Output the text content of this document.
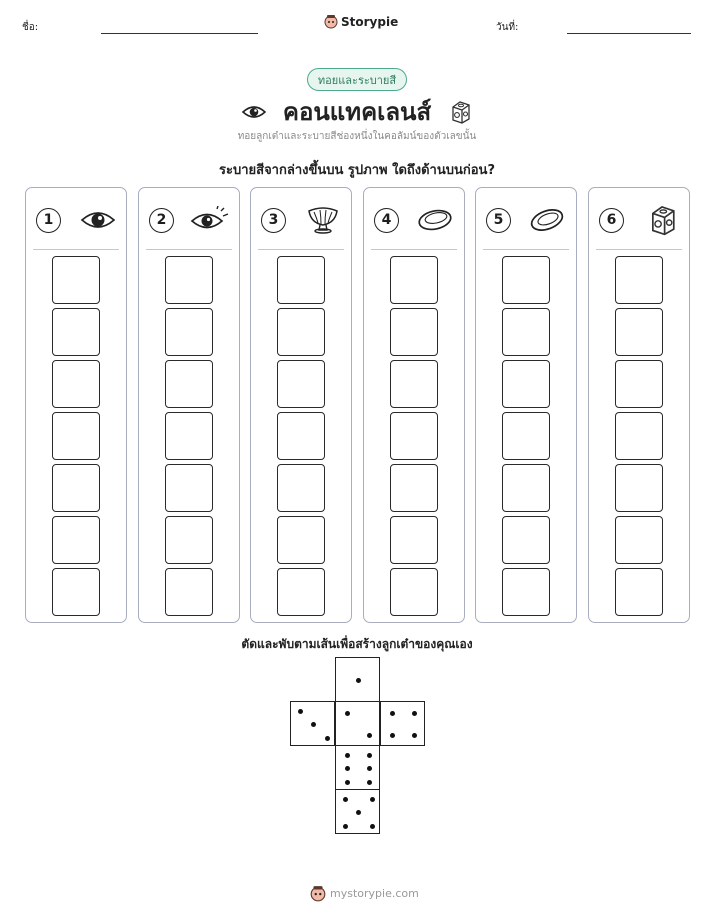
ชื่อ:	Storypie	วันที่:
ทอยและระบายสี
คอนแทคเลนส์
ทอยลูกเต๋าและระบายสีช่องหนึ่งในคอลัมน์ของตัวเลขนั้น
ระบายสีจากล่างขึ้นบน รูปภาพ ใดถึงด้านบนก่อน?
1	2	3	4	5	6
ตัดและพับตามเส้นเพื่อสร้างลูกเต๋าของคุณเอง
mystorypie.com
